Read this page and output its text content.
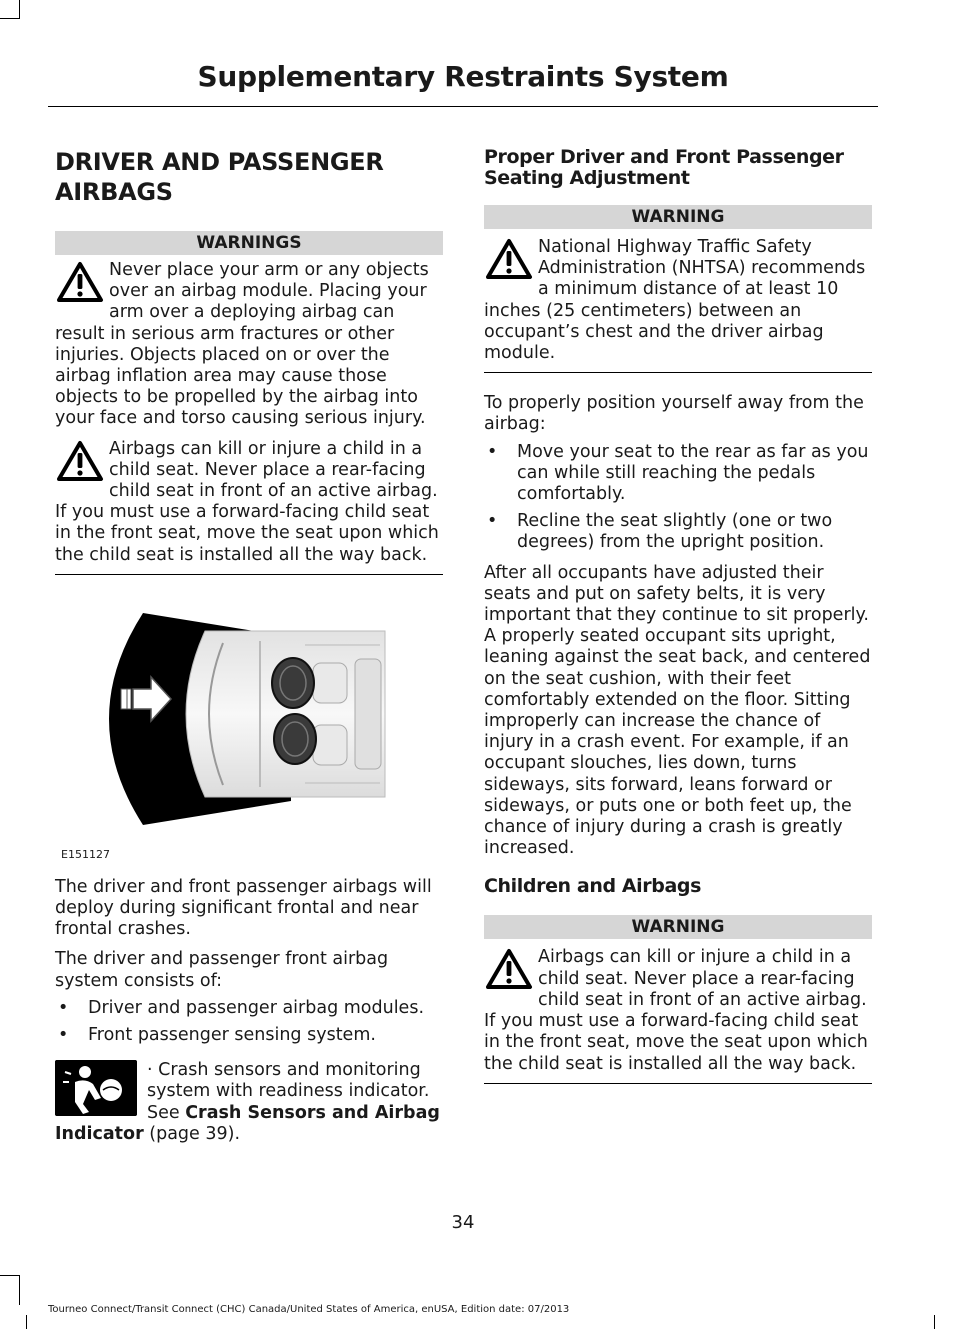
Supplementary Restraints System
DRIVER AND PASSENGER
AIRBAGS
WARNINGS

Never place your arm or any objects over an airbag module. Placing your arm over a deploying airbag can result in serious arm fractures or other injuries. Objects placed on or over the airbag inflation area may cause those objects to be propelled by the airbag into your face and torso causing serious injury.

Airbags can kill or injure a child in a child seat. Never place a rear-facing child seat in front of an active airbag. If you must use a forward-facing child seat in the front seat, move the seat upon which the child seat is installed all the way back.

E151127

The driver and front passenger airbags will deploy during significant frontal and near frontal crashes.

The driver and passenger front airbag system consists of:

• Driver and passenger airbag modules.
• Front passenger sensing system.
· Crash sensors and monitoring system with readiness indicator. See Crash Sensors and Airbag Indicator (page 39).

Proper Driver and Front Passenger Seating Adjustment

WARNING

National Highway Traffic Safety Administration (NHTSA) recommends a minimum distance of at least 10 inches (25 centimeters) between an occupant’s chest and the driver airbag module.

To properly position yourself away from the airbag:

• Move your seat to the rear as far as you can while still reaching the pedals comfortably.
• Recline the seat slightly (one or two degrees) from the upright position.

After all occupants have adjusted their seats and put on safety belts, it is very important that they continue to sit properly. A properly seated occupant sits upright, leaning against the seat back, and centered on the seat cushion, with their feet comfortably extended on the floor. Sitting improperly can increase the chance of injury in a crash event. For example, if an occupant slouches, lies down, turns sideways, sits forward, leans forward or sideways, or puts one or both feet up, the chance of injury during a crash is greatly increased.

Children and Airbags

WARNING

Airbags can kill or injure a child in a child seat. Never place a rear-facing child seat in front of an active airbag. If you must use a forward-facing child seat in the front seat, move the seat upon which the child seat is installed all the way back.

34
Tourneo Connect/Transit Connect (CHC) Canada/United States of America, enUSA, Edition date: 07/2013
